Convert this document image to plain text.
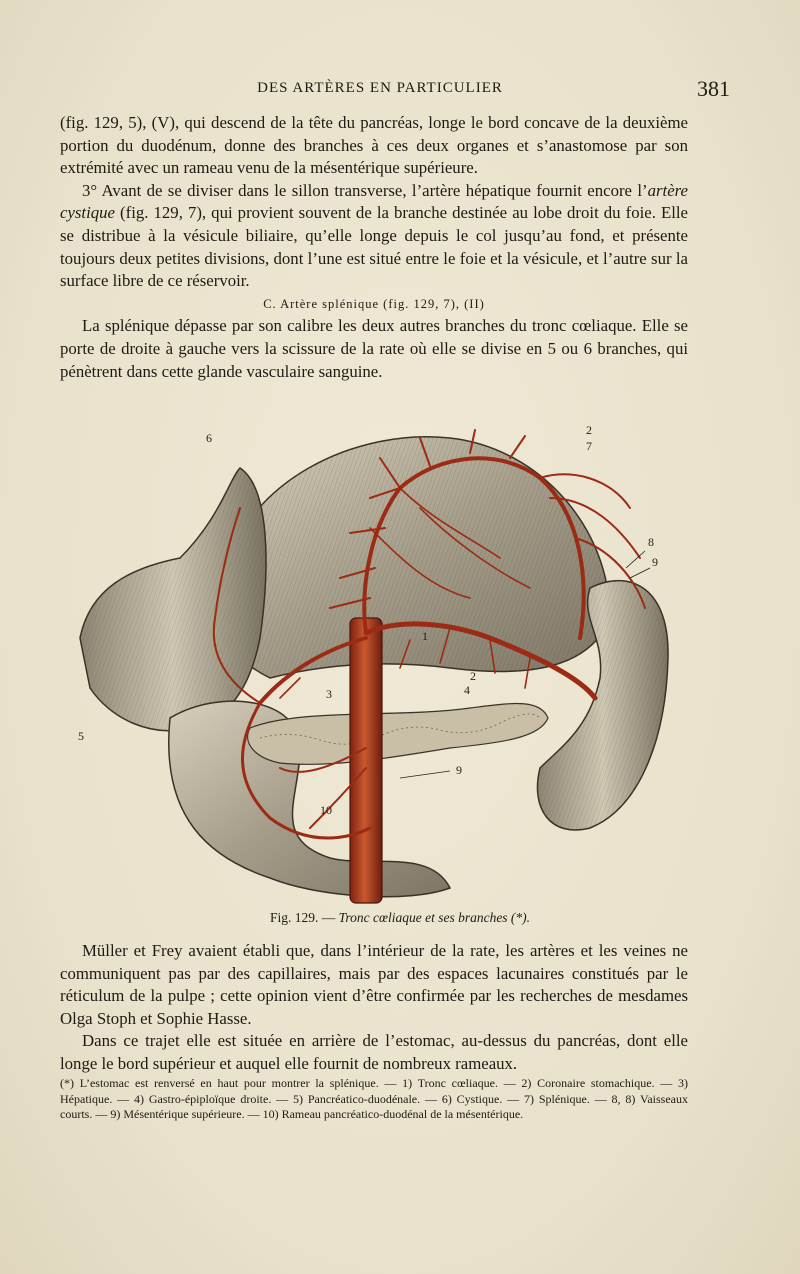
DES ARTÈRES EN PARTICULIER	381

(fig. 129, 5), (V), qui descend de la tête du pancréas, longe le bord concave de la deuxième portion du duodénum, donne des branches à ces deux organes et s’anastomose par son extrémité avec un rameau venu de la mésentérique supérieure.

3° Avant de se diviser dans le sillon transverse, l’artère hépatique fournit encore l’artère cystique (fig. 129, 7), qui provient souvent de la branche destinée au lobe droit du foie. Elle se distribue à la vésicule biliaire, qu’elle longe depuis le col jusqu’au fond, et présente toujours deux petites divisions, dont l’une est situé entre le foie et la vésicule, et l’autre sur la surface libre de ce réservoir.

C. Artère splénique (fig. 129, 7), (II)

La splénique dépasse par son calibre les deux autres branches du tronc cœliaque. Elle se porte de droite à gauche vers la scissure de la rate où elle se divise en 5 ou 6 branches, qui pénètrent dans cette glande vasculaire sanguine.

6
2
7
8
9
5
1
2
3	4
9
10
Fig. 129. — Tronc cœliaque et ses branches (*).

Müller et Frey avaient établi que, dans l’intérieur de la rate, les artères et les veines ne communiquent pas par des capillaires, mais par des espaces lacunaires constitués par le réticulum de la pulpe ; cette opinion vient d’être confirmée par les recherches de mesdames Olga Stoph et Sophie Hasse.

Dans ce trajet elle est située en arrière de l’estomac, au-dessus du pancréas, dont elle longe le bord supérieur et auquel elle fournit de nombreux rameaux.

(*) L’estomac est renversé en haut pour montrer la splénique. — 1) Tronc cœliaque. — 2) Coronaire stomachique. — 3) Hépatique. — 4) Gastro-épiploïque droite. — 5) Pancréatico-duodénale. — 6) Cystique. — 7) Splénique. — 8, 8) Vaisseaux courts. — 9) Mésentérique supérieure. — 10) Rameau pancréatico-duodénal de la mésentérique.
